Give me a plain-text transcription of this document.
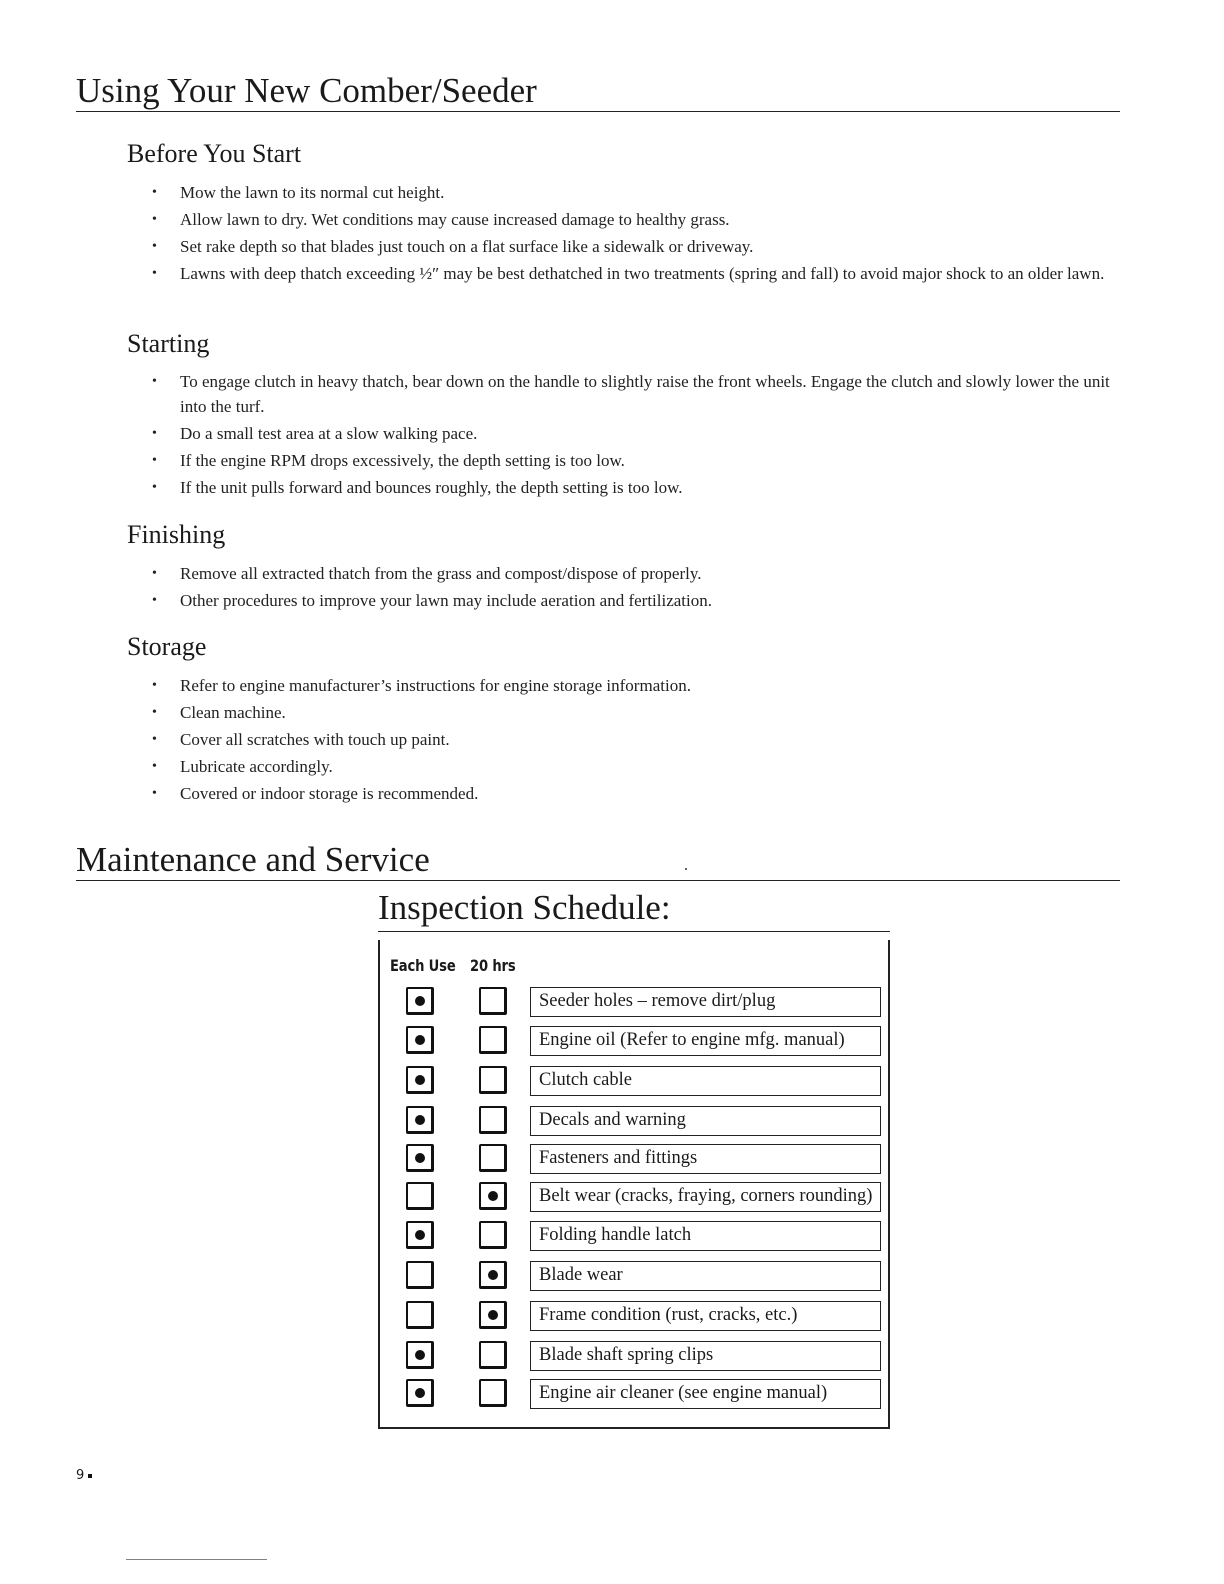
Using Your New Comber/Seeder
Before You Start
• Mow the lawn to its normal cut height.
• Allow lawn to dry. Wet conditions may cause increased damage to healthy grass.
• Set rake depth so that blades just touch on a flat surface like a sidewalk or driveway.
• Lawns with deep thatch exceeding ½″ may be best dethatched in two treatments (spring and fall) to avoid major shock to an older lawn.
Starting
• To engage clutch in heavy thatch, bear down on the handle to slightly raise the front wheels. Engage the clutch and slowly lower the unit into the turf.
• Do a small test area at a slow walking pace.
• If the engine RPM drops excessively, the depth setting is too low.
• If the unit pulls forward and bounces roughly, the depth setting is too low.
Finishing
• Remove all extracted thatch from the grass and compost/dispose of properly.
• Other procedures to improve your lawn may include aeration and fertilization.
Storage
• Refer to engine manufacturer’s instructions for engine storage information.
• Clean machine.
• Cover all scratches with touch up paint.
• Lubricate accordingly.
• Covered or indoor storage is recommended.
Maintenance and Service
Inspection Schedule:
Each Use 20 hrs
Seeder holes – remove dirt/plug
Engine oil (Refer to engine mfg. manual)
Clutch cable
Decals and warning
Fasteners and fittings
Belt wear (cracks, fraying, corners rounding)
Folding handle latch
Blade wear
Frame condition (rust, cracks, etc.)
Blade shaft spring clips
Engine air cleaner (see engine manual)
9
